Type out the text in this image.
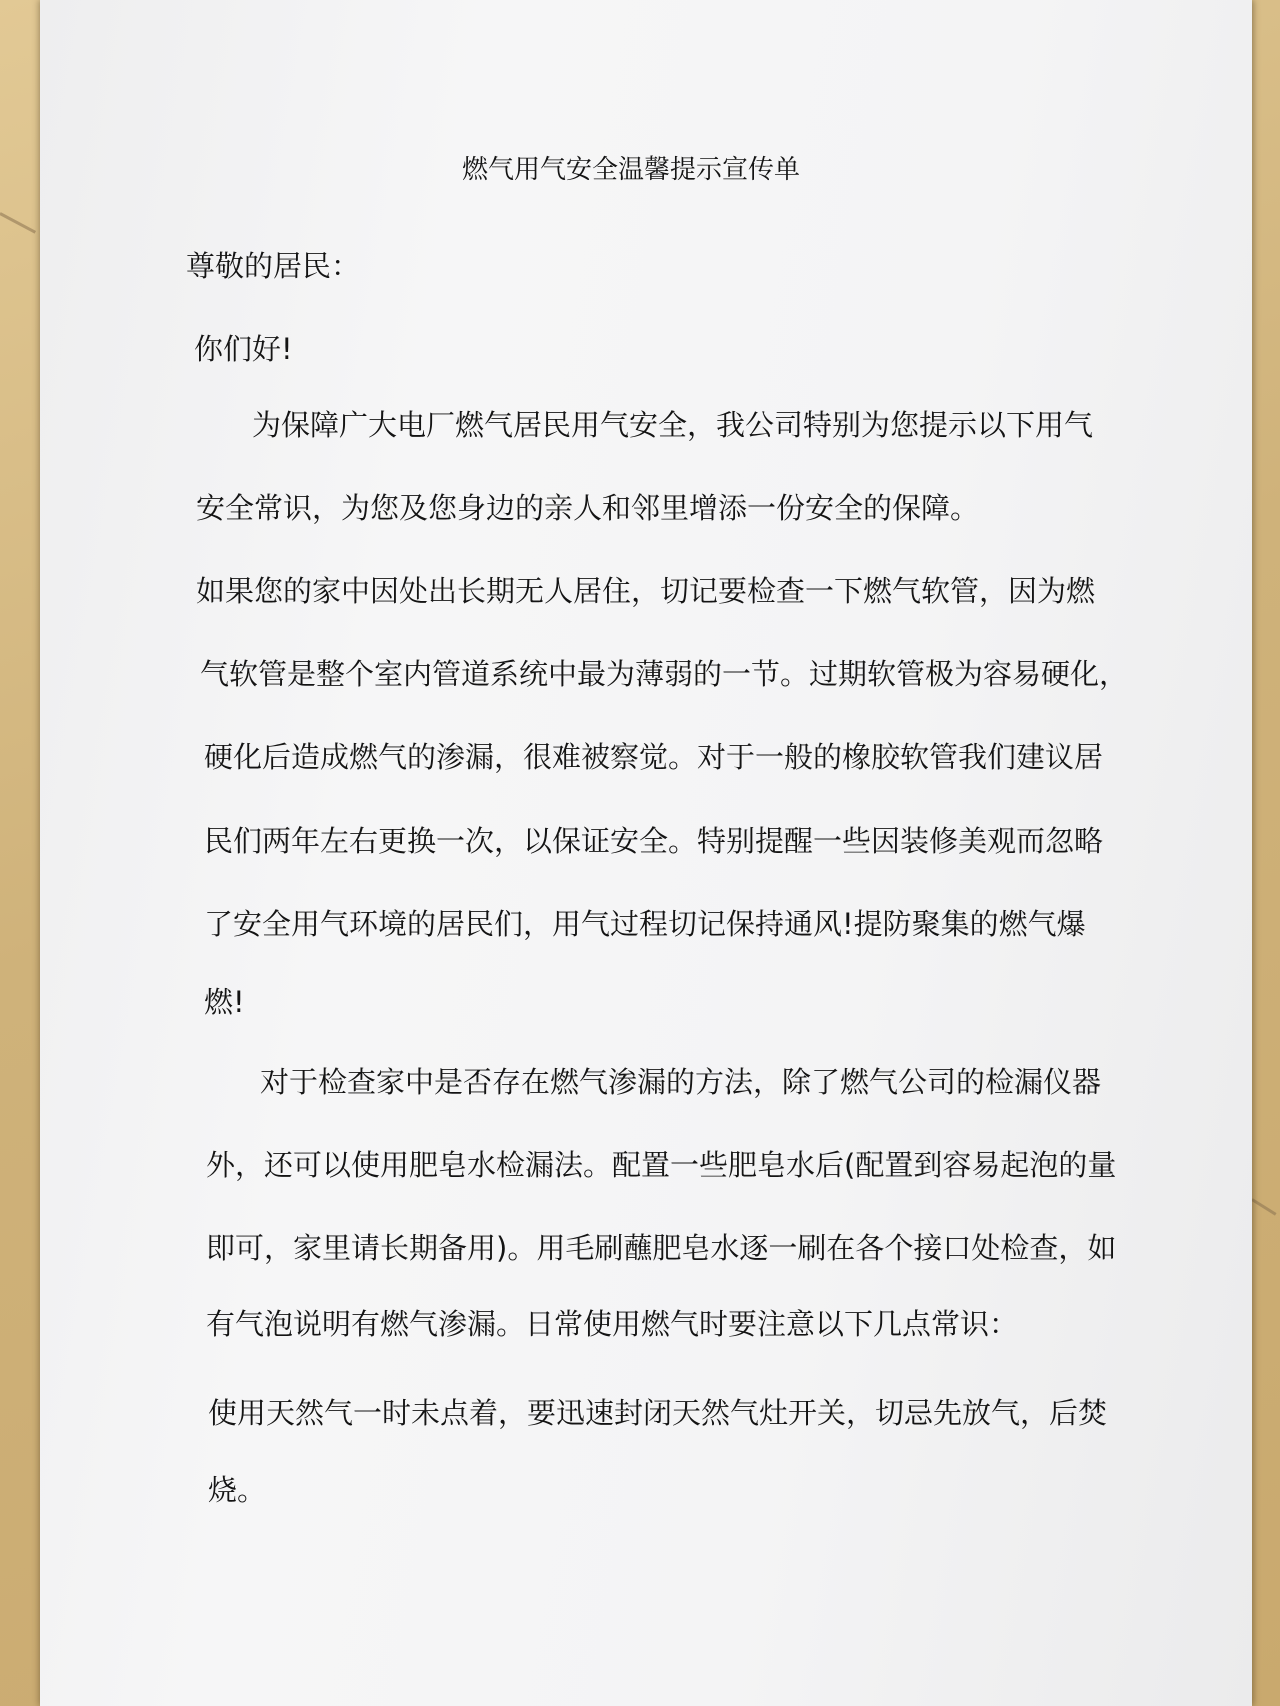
燃气用气安全温馨提示宣传单

尊敬的居民：

你们好!

为保障广大电厂燃气居民用气安全，我公司特别为您提示以下用气

安全常识，为您及您身边的亲人和邻里增添一份安全的保障。

如果您的家中因处出长期无人居住，切记要检查一下燃气软管，因为燃

气软管是整个室内管道系统中最为薄弱的一节。过期软管极为容易硬化，

硬化后造成燃气的渗漏，很难被察觉。对于一般的橡胶软管我们建议居

民们两年左右更换一次，以保证安全。特别提醒一些因装修美观而忽略

了安全用气环境的居民们，用气过程切记保持通风!提防聚集的燃气爆

燃!

对于检查家中是否存在燃气渗漏的方法，除了燃气公司的检漏仪器

外，还可以使用肥皂水检漏法。配置一些肥皂水后(配置到容易起泡的量

即可，家里请长期备用)。用毛刷蘸肥皂水逐一刷在各个接口处检查，如

有气泡说明有燃气渗漏。日常使用燃气时要注意以下几点常识：

使用天然气一时未点着，要迅速封闭天然气灶开关，切忌先放气，后焚

烧。
